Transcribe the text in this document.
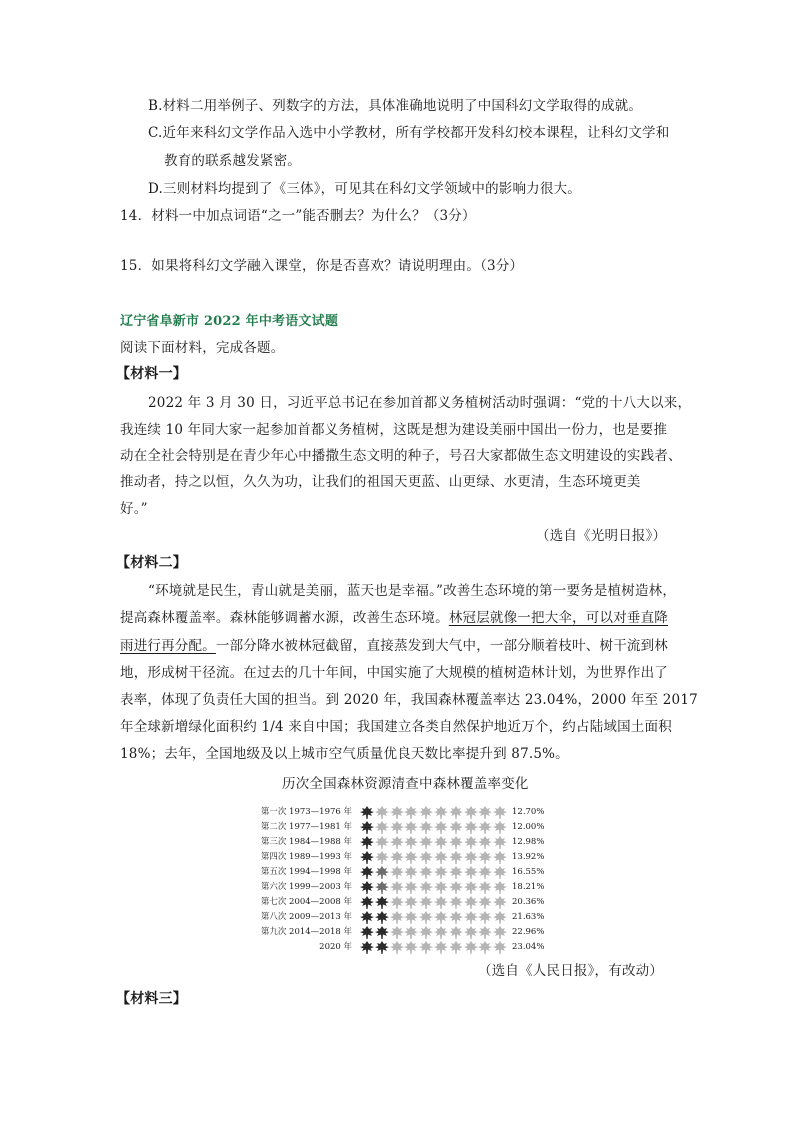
B.材料二用举例子、列数字的方法，具体准确地说明了中国科幻文学取得的成就。
C.近年来科幻文学作品入选中小学教材，所有学校都开发科幻校本课程，让科幻文学和
教育的联系越发紧密。
D.三则材料均提到了《三体》，可见其在科幻文学领域中的影响力很大。
14．材料一中加点词语“之一”能否删去？为什么？（3分）
15．如果将科幻文学融入课堂，你是否喜欢？请说明理由。（3分）
辽宁省阜新市 2022 年中考语文试题
阅读下面材料，完成各题。
【材料一】
2022 年 3 月 30 日，习近平总书记在参加首都义务植树活动时强调：“党的十八大以来，
我连续 10 年同大家一起参加首都义务植树，这既是想为建设美丽中国出一份力，也是要推
动在全社会特别是在青少年心中播撒生态文明的种子，号召大家都做生态文明建设的实践者、
推动者，持之以恒，久久为功，让我们的祖国天更蓝、山更绿、水更清，生态环境更美
好。”
（选自《光明日报》）
【材料二】
“环境就是民生，青山就是美丽，蓝天也是幸福。”改善生态环境的第一要务是植树造林，
提高森林覆盖率。森林能够调蓄水源，改善生态环境。林冠层就像一把大伞，可以对垂直降
雨进行再分配。一部分降水被林冠截留，直接蒸发到大气中，一部分顺着枝叶、树干流到林
地，形成树干径流。在过去的几十年间，中国实施了大规模的植树造林计划，为世界作出了
表率，体现了负责任大国的担当。到 2020 年，我国森林覆盖率达 23.04%，2000 年至 2017
年全球新增绿化面积约 1/4 来自中国；我国建立各类自然保护地近万个，约占陆域国土面积
18%；去年，全国地级及以上城市空气质量优良天数比率提升到 87.5%。
历次全国森林资源清查中森林覆盖率变化
第一次 1973—1976 年	12.70%
第二次 1977—1981 年	12.00%
第三次 1984—1988 年	12.98%
第四次 1989—1993 年	13.92%
第五次 1994—1998 年	16.55%
第六次 1999—2003 年	18.21%
第七次 2004—2008 年	20.36%
第八次 2009—2013 年	21.63%
第九次 2014—2018 年	22.96%
2020 年	23.04%
（选自《人民日报》，有改动）
【材料三】
